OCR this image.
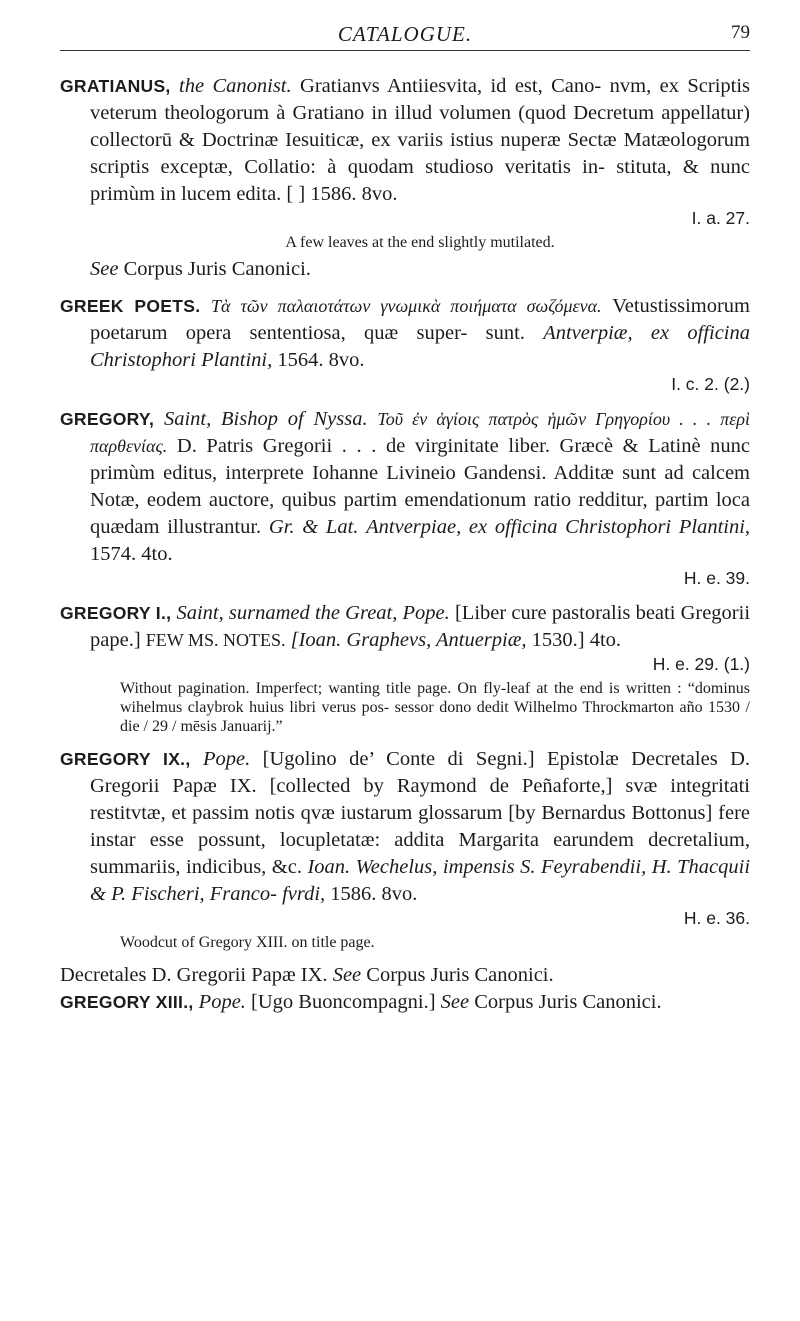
CATALOGUE.	79
GRATIANUS, the Canonist. Gratianvs Antiiesvita, id est, Cano- nvm, ex Scriptis veterum theologorum à Gratiano in illud volumen (quod Decretum appellatur) collectorū & Doctrinæ Iesuiticæ, ex variis istius nuperæ Sectæ Matæologorum scriptis exceptæ, Collatio: à quodam studioso veritatis in- stituta, & nunc primùm in lucem edita. [ ] 1586. 8vo.
I. a. 27.
A few leaves at the end slightly mutilated.
See Corpus Juris Canonici.
GREEK POETS. Τὰ τῶν παλαιοτάτων γνωμικὰ ποιήματα σωζόμενα. Vetustissimorum poetarum opera sententiosa, quæ super- sunt. Antverpiæ, ex officina Christophori Plantini, 1564. 8vo.
I. c. 2. (2.)
GREGORY, Saint, Bishop of Nyssa. Τοῦ ἐν ἁγίοις πατρὸς ἡμῶν Γρηγορίου . . . περὶ παρθενίας. D. Patris Gregorii . . . de virginitate liber. Græcè & Latinè nunc primùm editus, interprete Iohanne Livineio Gandensi. Additæ sunt ad calcem Notæ, eodem auctore, quibus partim emendationum ratio redditur, partim loca quædam illustrantur. Gr. & Lat. Antverpiae, ex officina Christophori Plantini, 1574. 4to.
H. e. 39.
GREGORY I., Saint, surnamed the Great, Pope. [Liber cure pastoralis beati Gregorii pape.] FEW MS. NOTES. [Ioan. Graphevs, Antuerpiæ, 1530.] 4to.
H. e. 29. (1.)
Without pagination. Imperfect; wanting title page. On fly-leaf at the end is written : “dominus wihelmus claybrok huius libri verus pos- sessor dono dedit Wilhelmo Throckmarton año 1530 / die / 29 / mēsis Januarij.”
GREGORY IX., Pope. [Ugolino de’ Conte di Segni.] Epistolæ Decretales D. Gregorii Papæ IX. [collected by Raymond de Peñaforte,] svæ integritati restitvtæ, et passim notis qvæ iustarum glossarum [by Bernardus Bottonus] fere instar esse possunt, locupletatæ: addita Margarita earundem decretalium, summariis, indicibus, &c. Ioan. Wechelus, impensis S. Feyrabendii, H. Thacquii & P. Fischeri, Franco- fvrdi, 1586. 8vo.
H. e. 36.
Woodcut of Gregory XIII. on title page.
Decretales D. Gregorii Papæ IX. See Corpus Juris Canonici.
GREGORY XIII., Pope. [Ugo Buoncompagni.] See Corpus Juris Canonici.
